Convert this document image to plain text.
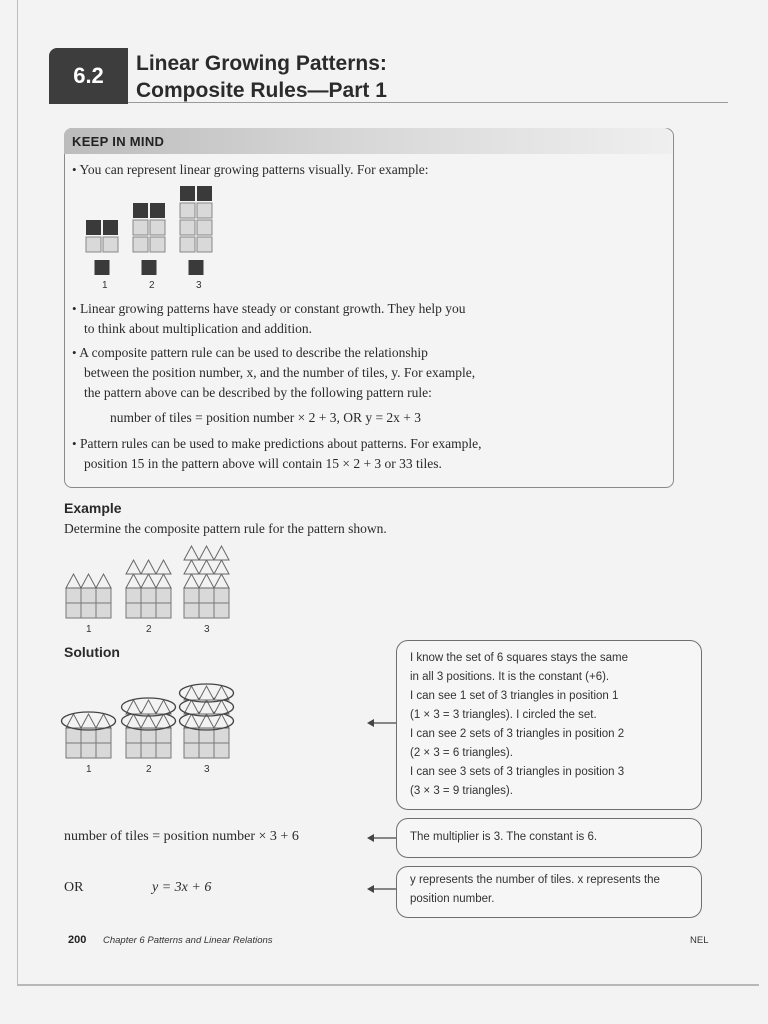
6.2	Linear Growing Patterns:
Composite Rules—Part 1
KEEP IN MIND
• You can represent linear growing patterns visually. For example:
1	2	3
• Linear growing patterns have steady or constant growth. They help you
to think about multiplication and addition.
• A composite pattern rule can be used to describe the relationship
between the position number, x, and the number of tiles, y. For example,
the pattern above can be described by the following pattern rule:
number of tiles = position number × 2 + 3, OR y = 2x + 3
• Pattern rules can be used to make predictions about patterns. For example,
position 15 in the pattern above will contain 15 × 2 + 3 or 33 tiles.
Example
Determine the composite pattern rule for the pattern shown.
1	2	3
Solution
1	2	3
I know the set of 6 squares stays the same
in all 3 positions. It is the constant (+6).
I can see 1 set of 3 triangles in position 1
(1 × 3 = 3 triangles). I circled the set.
I can see 2 sets of 3 triangles in position 2
(2 × 3 = 6 triangles).
I can see 3 sets of 3 triangles in position 3
(3 × 3 = 9 triangles).
number of tiles = position number × 3 + 6	The multiplier is 3. The constant is 6.
OR	y = 3x + 6	y represents the number of tiles. x represents the
position number.
200 Chapter 6 Patterns and Linear Relations	NEL
